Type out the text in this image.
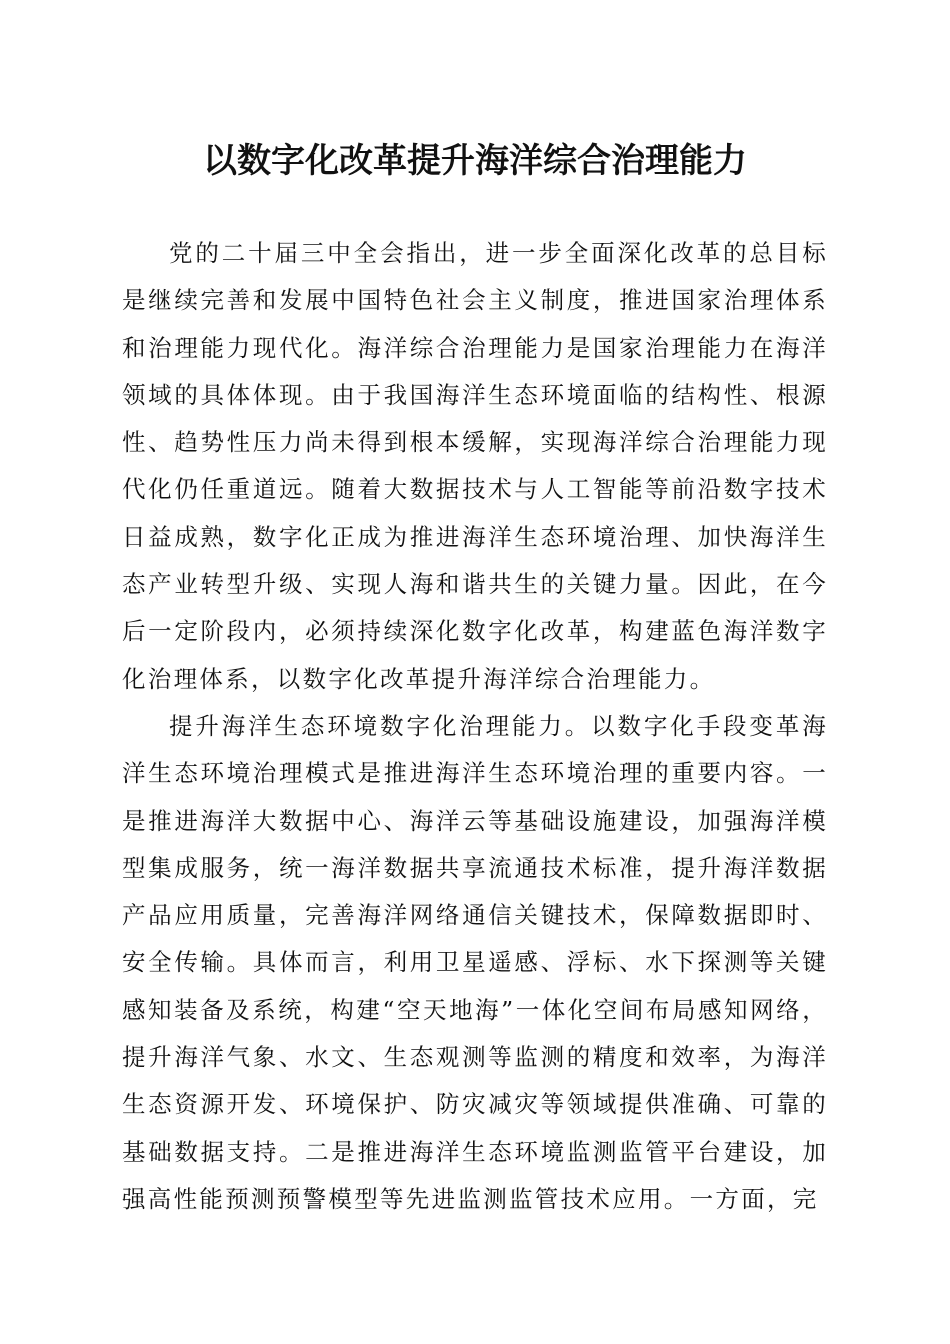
以数字化改革提升海洋综合治理能力

党的二十届三中全会指出，进一步全面深化改革的总目标是继续完善和发展中国特色社会主义制度，推进国家治理体系和治理能力现代化。海洋综合治理能力是国家治理能力在海洋领域的具体体现。由于我国海洋生态环境面临的结构性、根源性、趋势性压力尚未得到根本缓解，实现海洋综合治理能力现代化仍任重道远。随着大数据技术与人工智能等前沿数字技术日益成熟，数字化正成为推进海洋生态环境治理、加快海洋生态产业转型升级、实现人海和谐共生的关键力量。因此，在今后一定阶段内，必须持续深化数字化改革，构建蓝色海洋数字化治理体系，以数字化改革提升海洋综合治理能力。

提升海洋生态环境数字化治理能力。以数字化手段变革海洋生态环境治理模式是推进海洋生态环境治理的重要内容。一是推进海洋大数据中心、海洋云等基础设施建设，加强海洋模型集成服务，统一海洋数据共享流通技术标准，提升海洋数据产品应用质量，完善海洋网络通信关键技术，保障数据即时、安全传输。具体而言，利用卫星遥感、浮标、水下探测等关键感知装备及系统，构建“空天地海”一体化空间布局感知网络，提升海洋气象、水文、生态观测等监测的精度和效率，为海洋生态资源开发、环境保护、防灾减灾等领域提供准确、可靠的基础数据支持。二是推进海洋生态环境监测监管平台建设，加强高性能预测预警模型等先进监测监管技术应用。一方面，完
